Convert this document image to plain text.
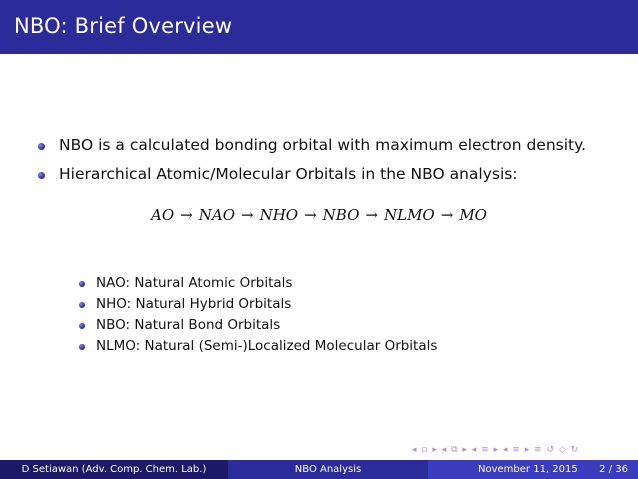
NBO: Brief Overview
NBO is a calculated bonding orbital with maximum electron density.
Hierarchical Atomic/Molecular Orbitals in the NBO analysis:
AO → NAO → NHO → NBO → NLMO → MO
NAO: Natural Atomic Orbitals
NHO: Natural Hybrid Orbitals
NBO: Natural Bond Orbitals
NLMO: Natural (Semi-)Localized Molecular Orbitals
◂ ▫ ▸ ◂ ⧉ ▸ ◂ ≡ ▸ ◂ ≡ ▸ ≡ ↺ ◇ ↻
D Setiawan (Adv. Comp. Chem. Lab.)	NBO Analysis	November 11, 2015 2 / 36
